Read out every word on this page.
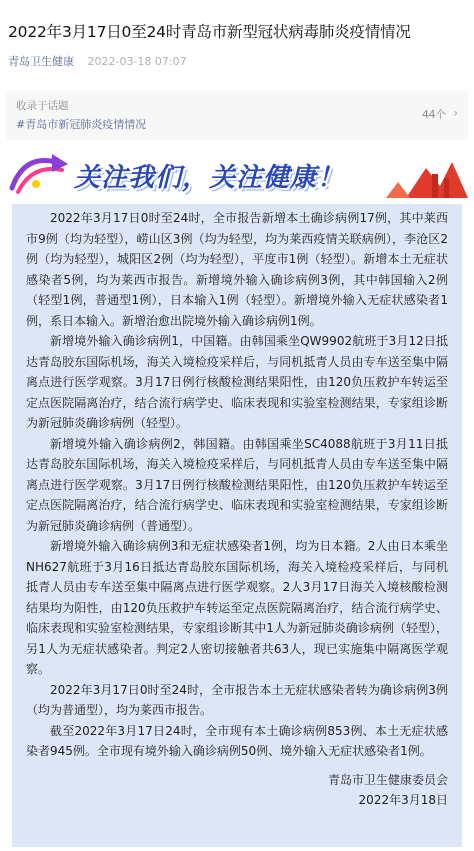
2022年3月17日0至24时青岛市新型冠状病毒肺炎疫情情况
青岛卫生健康 2022-03-18 07:07
收录于话题
#青岛市新冠肺炎疫情情况
44个 ›
关注我们，关注健康！

2022年3月17日0时至24时，全市报告新增本土确诊病例17例，其中莱西市9例（均为轻型），崂山区3例（均为轻型，均为莱西疫情关联病例），李沧区2例（均为轻型），城阳区2例（均为轻型），平度市1例（轻型）。新增本土无症状感染者5例，均为莱西市报告。新增境外输入确诊病例3例，其中韩国输入2例（轻型1例，普通型1例），日本输入1例（轻型）。新增境外输入无症状感染者1例，系日本输入。新增治愈出院境外输入确诊病例1例。

新增境外输入确诊病例1，中国籍。由韩国乘坐QW9902航班于3月12日抵达青岛胶东国际机场，海关入境检疫采样后，与同机抵青人员由专车送至集中隔离点进行医学观察。3月17日例行核酸检测结果阳性，由120负压救护车转运至定点医院隔离治疗，结合流行病学史、临床表现和实验室检测结果，专家组诊断为新冠肺炎确诊病例（轻型）。

新增境外输入确诊病例2，韩国籍。由韩国乘坐SC4088航班于3月11日抵达青岛胶东国际机场，海关入境检疫采样后，与同机抵青人员由专车送至集中隔离点进行医学观察。3月17日例行核酸检测结果阳性，由120负压救护车转运至定点医院隔离治疗，结合流行病学史、临床表现和实验室检测结果，专家组诊断为新冠肺炎确诊病例（普通型）。

新增境外输入确诊病例3和无症状感染者1例，均为日本籍。2人由日本乘坐NH627航班于3月16日抵达青岛胶东国际机场，海关入境检疫采样后，与同机抵青人员由专车送至集中隔离点进行医学观察。2人3月17日海关入境核酸检测结果均为阳性，由120负压救护车转运至定点医院隔离治疗，结合流行病学史、临床表现和实验室检测结果，专家组诊断其中1人为新冠肺炎确诊病例（轻型），另1人为无症状感染者。判定2人密切接触者共63人，现已实施集中隔离医学观察。

2022年3月17日0时至24时，全市报告本土无症状感染者转为确诊病例3例（均为普通型），均为莱西市报告。

截至2022年3月17日24时，全市现有本土确诊病例853例、本土无症状感染者945例。全市现有境外输入确诊病例50例、境外输入无症状感染者1例。

青岛市卫生健康委员会

2022年3月18日
